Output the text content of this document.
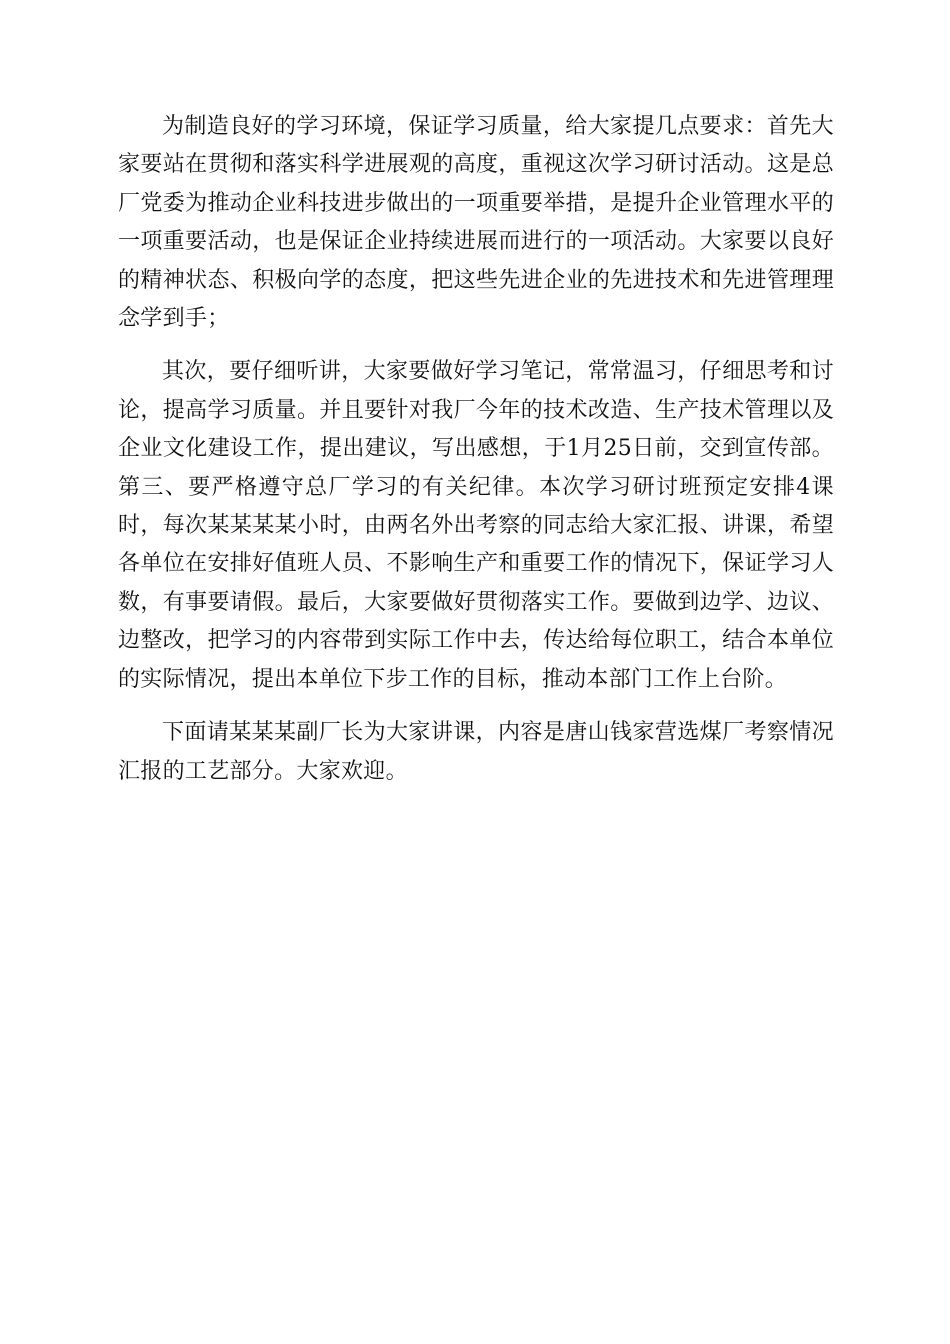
为制造良好的学习环境，保证学习质量，给大家提几点要求：首先大家要站在贯彻和落实科学进展观的高度，重视这次学习研讨活动。这是总厂党委为推动企业科技进步做出的一项重要举措，是提升企业管理水平的一项重要活动，也是保证企业持续进展而进行的一项活动。大家要以良好的精神状态、积极向学的态度，把这些先进企业的先进技术和先进管理理念学到手；

其次，要仔细听讲，大家要做好学习笔记，常常温习，仔细思考和讨论，提高学习质量。并且要针对我厂今年的技术改造、生产技术管理以及企业文化建设工作，提出建议，写出感想，于1月25日前，交到宣传部。第三、要严格遵守总厂学习的有关纪律。本次学习研讨班预定安排4课时，每次某某某某小时，由两名外出考察的同志给大家汇报、讲课，希望各单位在安排好值班人员、不影响生产和重要工作的情况下，保证学习人数，有事要请假。最后，大家要做好贯彻落实工作。要做到边学、边议、边整改，把学习的内容带到实际工作中去，传达给每位职工，结合本单位的实际情况，提出本单位下步工作的目标，推动本部门工作上台阶。

下面请某某某副厂长为大家讲课，内容是唐山钱家营选煤厂考察情况汇报的工艺部分。大家欢迎。
